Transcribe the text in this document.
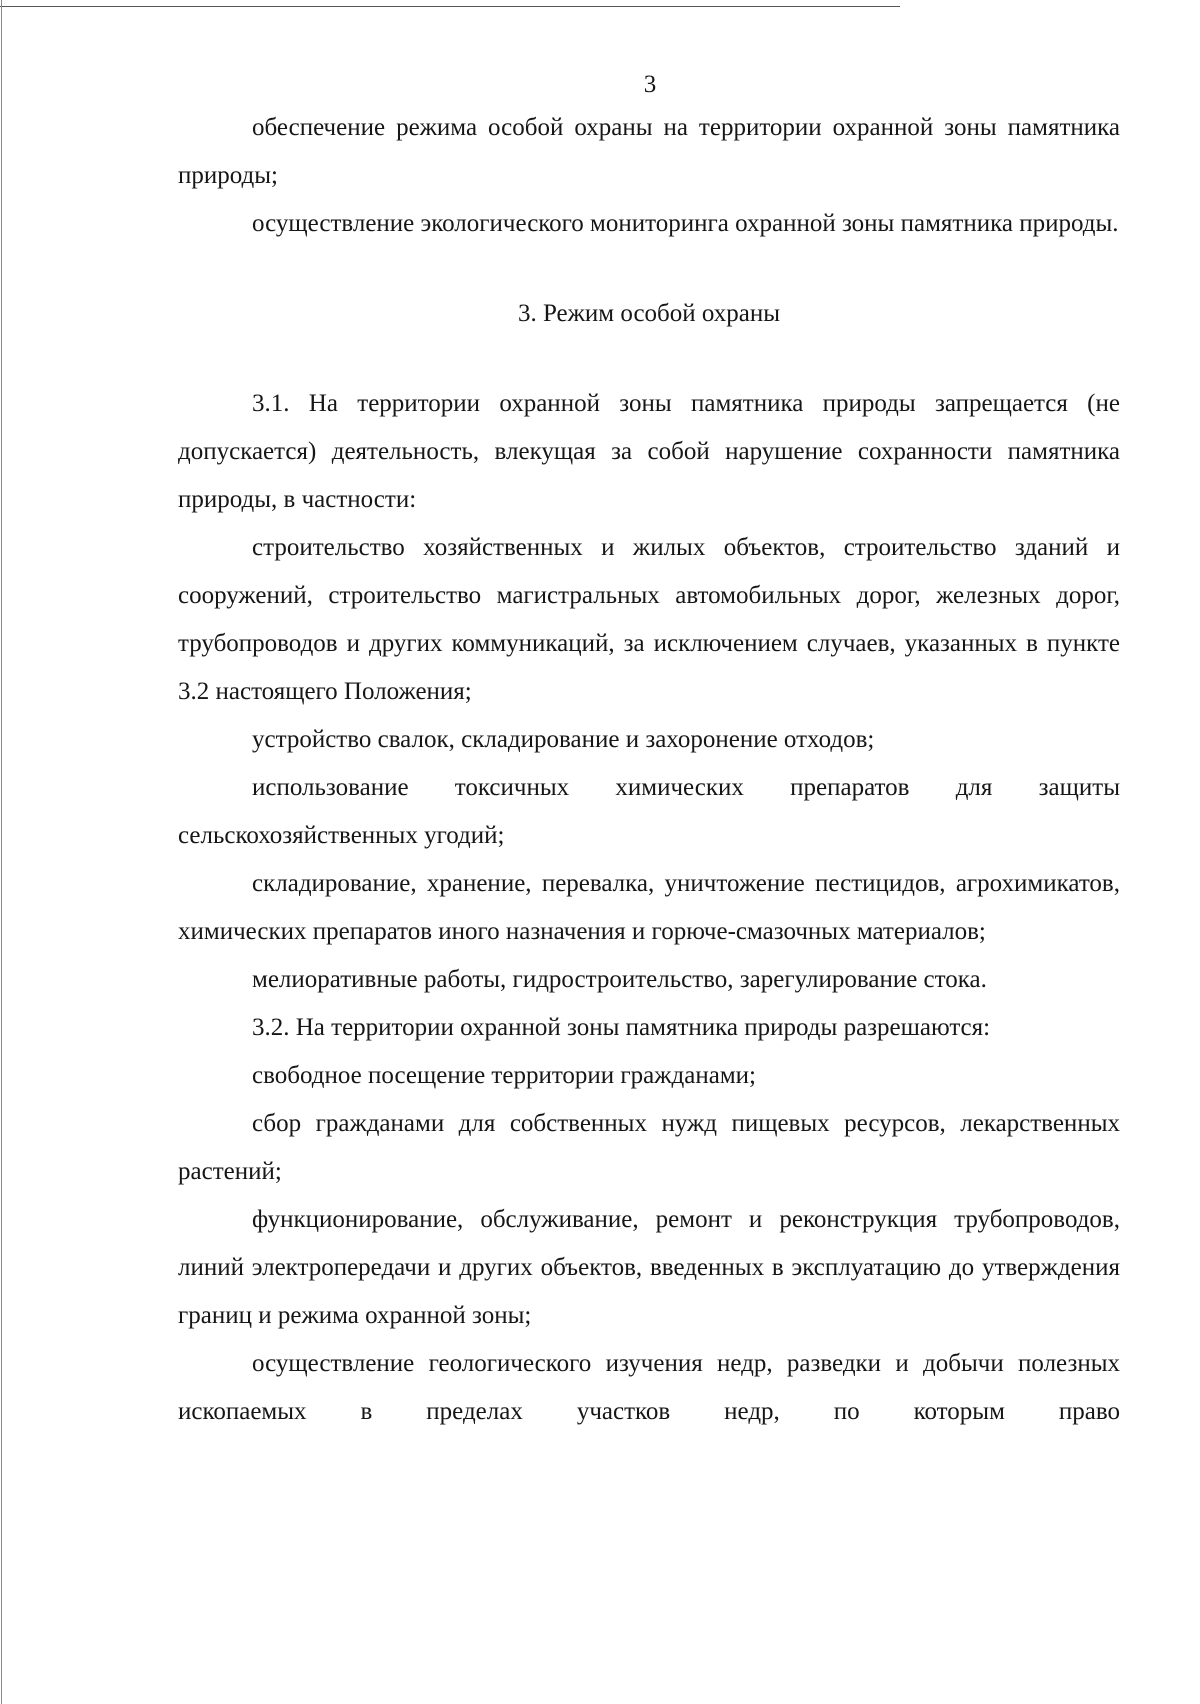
3

обеспечение режима особой охраны на территории охранной зоны памятника природы;

осуществление экологического мониторинга охранной зоны памятника природы.

3. Режим особой охраны

3.1. На территории охранной зоны памятника природы запрещается (не допускается) деятельность, влекущая за собой нарушение сохранности памятника природы, в частности:

строительство хозяйственных и жилых объектов, строительство зданий и сооружений, строительство магистральных автомобильных дорог, железных дорог, трубопроводов и других коммуникаций, за исключением случаев, указанных в пункте 3.2 настоящего Положения;

устройство свалок, складирование и захоронение отходов;

использование токсичных химических препаратов для защиты сельскохозяйственных угодий;

складирование, хранение, перевалка, уничтожение пестицидов, агрохимикатов, химических препаратов иного назначения и горюче-смазочных материалов;

мелиоративные работы, гидростроительство, зарегулирование стока.

3.2. На территории охранной зоны памятника природы разрешаются:

свободное посещение территории гражданами;

сбор гражданами для собственных нужд пищевых ресурсов, лекарственных растений;

функционирование, обслуживание, ремонт и реконструкция трубопроводов, линий электропередачи и других объектов, введенных в эксплуатацию до утверждения границ и режима охранной зоны;

осуществление геологического изучения недр, разведки и добычи полезных ископаемых в пределах участков недр, по которым право
